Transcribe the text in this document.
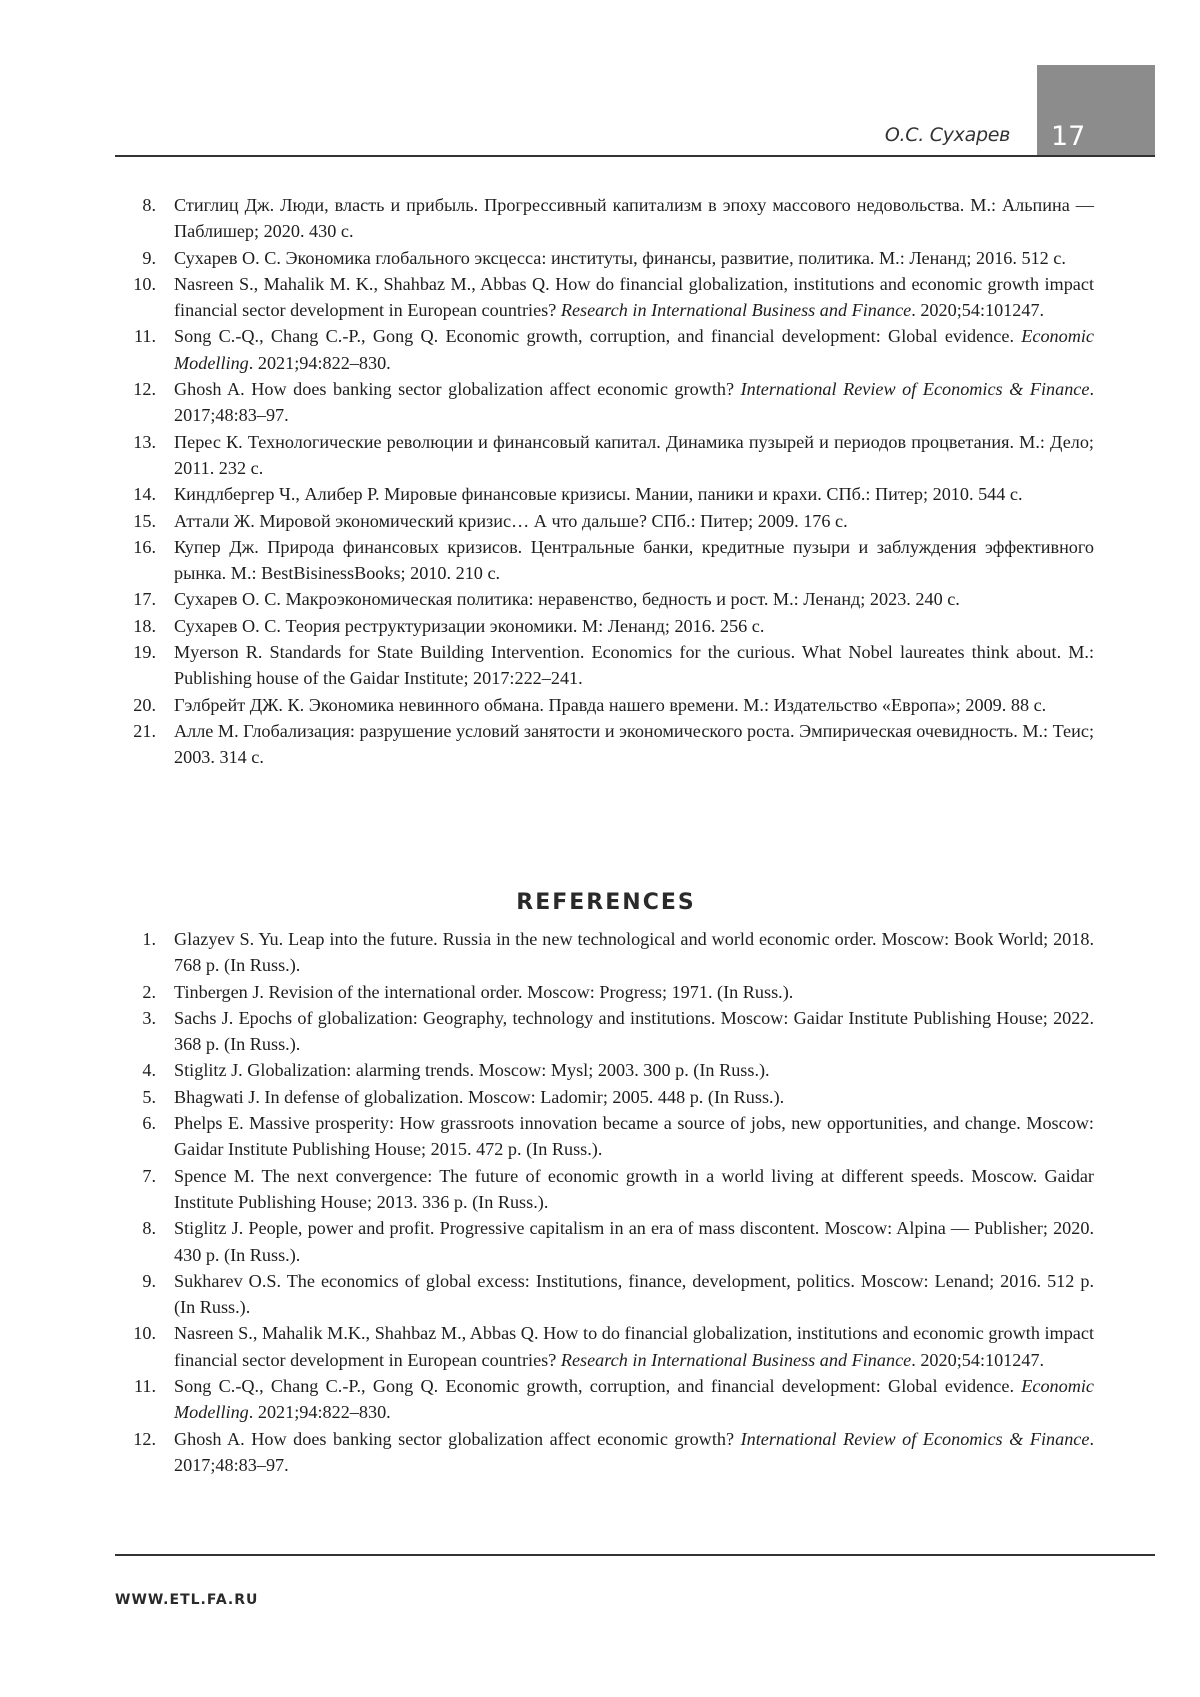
17
О.С. Сухарев
8. Стиглиц Дж. Люди, власть и прибыль. Прогрессивный капитализм в эпоху массового недовольства. М.: Альпина — Паблишер; 2020. 430 с.
9. Сухарев О. С. Экономика глобального эксцесса: институты, финансы, развитие, политика. М.: Ленанд; 2016. 512 с.
10. Nasreen S., Mahalik M. K., Shahbaz M., Abbas Q. How do financial globalization, institutions and economic growth impact financial sector development in European countries? Research in International Business and Finance. 2020;54:101247.
11. Song C.-Q., Chang C.-P., Gong Q. Economic growth, corruption, and financial development: Global evidence. Economic Modelling. 2021;94:822–830.
12. Ghosh A. How does banking sector globalization affect economic growth? International Review of Economics & Finance. 2017;48:83–97.
13. Перес К. Технологические революции и финансовый капитал. Динамика пузырей и периодов процветания. М.: Дело; 2011. 232 с.
14. Киндлбергер Ч., Алибер Р. Мировые финансовые кризисы. Мании, паники и крахи. СПб.: Питер; 2010. 544 с.
15. Аттали Ж. Мировой экономический кризис… А что дальше? СПб.: Питер; 2009. 176 с.
16. Купер Дж. Природа финансовых кризисов. Центральные банки, кредитные пузыри и заблуждения эффективного рынка. М.: BestBisinessBooks; 2010. 210 с.
17. Сухарев О. С. Макроэкономическая политика: неравенство, бедность и рост. М.: Ленанд; 2023. 240 с.
18. Сухарев О. С. Теория реструктуризации экономики. М: Ленанд; 2016. 256 с.
19. Myerson R. Standards for State Building Intervention. Economics for the curious. What Nobel laureates think about. M.: Publishing house of the Gaidar Institute; 2017:222–241.
20. Гэлбрейт ДЖ. К. Экономика невинного обмана. Правда нашего времени. М.: Издательство «Европа»; 2009. 88 с.
21. Алле М. Глобализация: разрушение условий занятости и экономического роста. Эмпирическая очевидность. М.: Теис; 2003. 314 с.
REFERENCES
1. Glazyev S. Yu. Leap into the future. Russia in the new technological and world economic order. Moscow: Book World; 2018. 768 p. (In Russ.).
2. Tinbergen J. Revision of the international order. Moscow: Progress; 1971. (In Russ.).
3. Sachs J. Epochs of globalization: Geography, technology and institutions. Moscow: Gaidar Institute Publishing House; 2022. 368 p. (In Russ.).
4. Stiglitz J. Globalization: alarming trends. Moscow: Mysl; 2003. 300 p. (In Russ.).
5. Bhagwati J. In defense of globalization. Moscow: Ladomir; 2005. 448 p. (In Russ.).
6. Phelps E. Massive prosperity: How grassroots innovation became a source of jobs, new opportunities, and change. Moscow: Gaidar Institute Publishing House; 2015. 472 p. (In Russ.).
7. Spence M. The next convergence: The future of economic growth in a world living at different speeds. Moscow. Gaidar Institute Publishing House; 2013. 336 p. (In Russ.).
8. Stiglitz J. People, power and profit. Progressive capitalism in an era of mass discontent. Moscow: Alpina — Publisher; 2020. 430 p. (In Russ.).
9. Sukharev O.S. The economics of global excess: Institutions, finance, development, politics. Moscow: Lenand; 2016. 512 p. (In Russ.).
10. Nasreen S., Mahalik M.K., Shahbaz M., Abbas Q. How to do financial globalization, institutions and economic growth impact financial sector development in European countries? Research in International Business and Finance. 2020;54:101247.
11. Song C.-Q., Chang C.-P., Gong Q. Economic growth, corruption, and financial development: Global evidence. Economic Modelling. 2021;94:822–830.
12. Ghosh A. How does banking sector globalization affect economic growth? International Review of Economics & Finance. 2017;48:83–97.
WWW.ETL.FA.RU
